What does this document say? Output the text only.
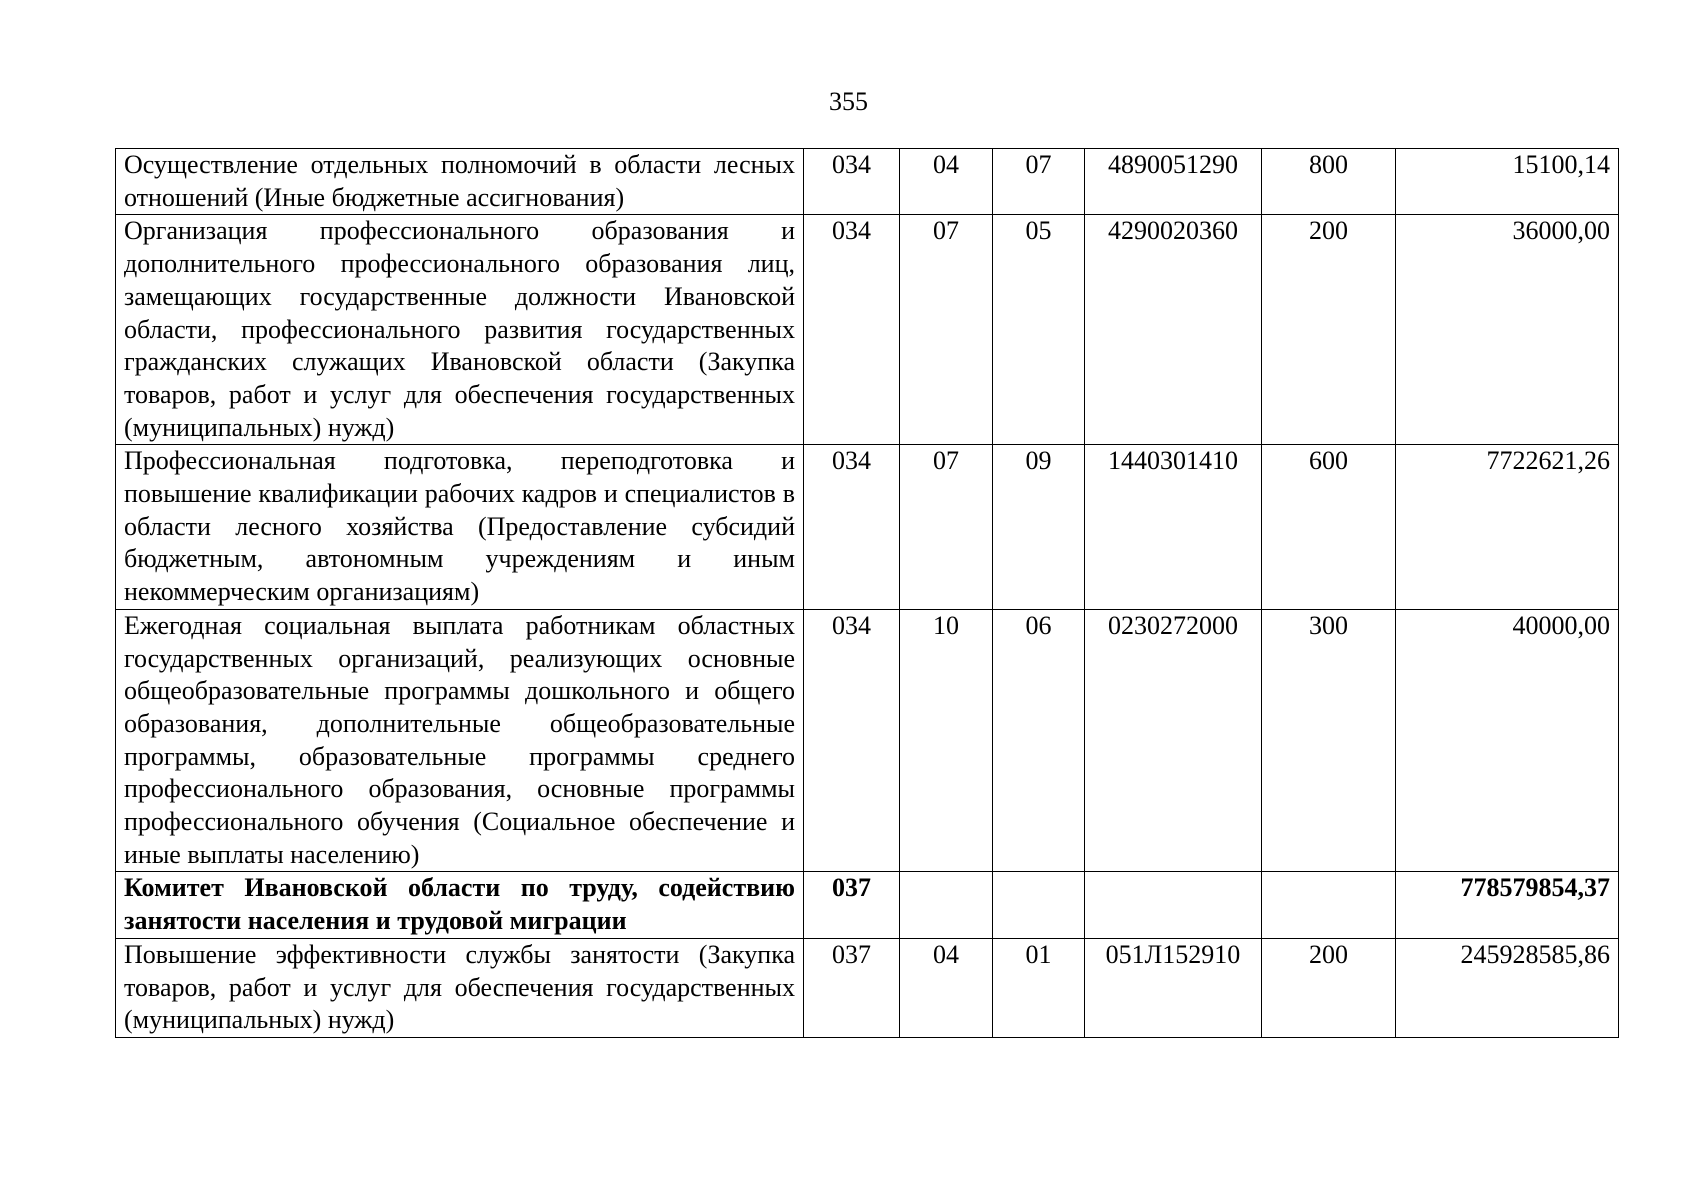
355
Осуществление отдельных полномочий в области лесных отношений (Иные бюджетные ассигнования)	034	04	07	4890051290	800	15100,14
Организация профессионального образования и дополнительного профессионального образования лиц, замещающих государственные должности Ивановской области, профессионального развития государственных гражданских служащих Ивановской области (Закупка товаров, работ и услуг для обеспечения государственных (муниципальных) нужд)	034	07	05	4290020360	200	36000,00
Профессиональная подготовка, переподготовка и повышение квалификации рабочих кадров и специалистов в области лесного хозяйства (Предоставление субсидий бюджетным, автономным учреждениям и иным некоммерческим организациям)	034	07	09	1440301410	600	7722621,26
Ежегодная социальная выплата работникам областных государственных организаций, реализующих основные общеобразовательные программы дошкольного и общего образования, дополнительные общеобразовательные программы, образовательные программы среднего профессионального образования, основные программы профессионального обучения (Социальное обеспечение и иные выплаты населению)	034	10	06	0230272000	300	40000,00
Комитет Ивановской области по труду, содействию занятости населения и трудовой миграции	037					778579854,37
Повышение эффективности службы занятости (Закупка товаров, работ и услуг для обеспечения государственных (муниципальных) нужд)	037	04	01	051Л152910	200	245928585,86
